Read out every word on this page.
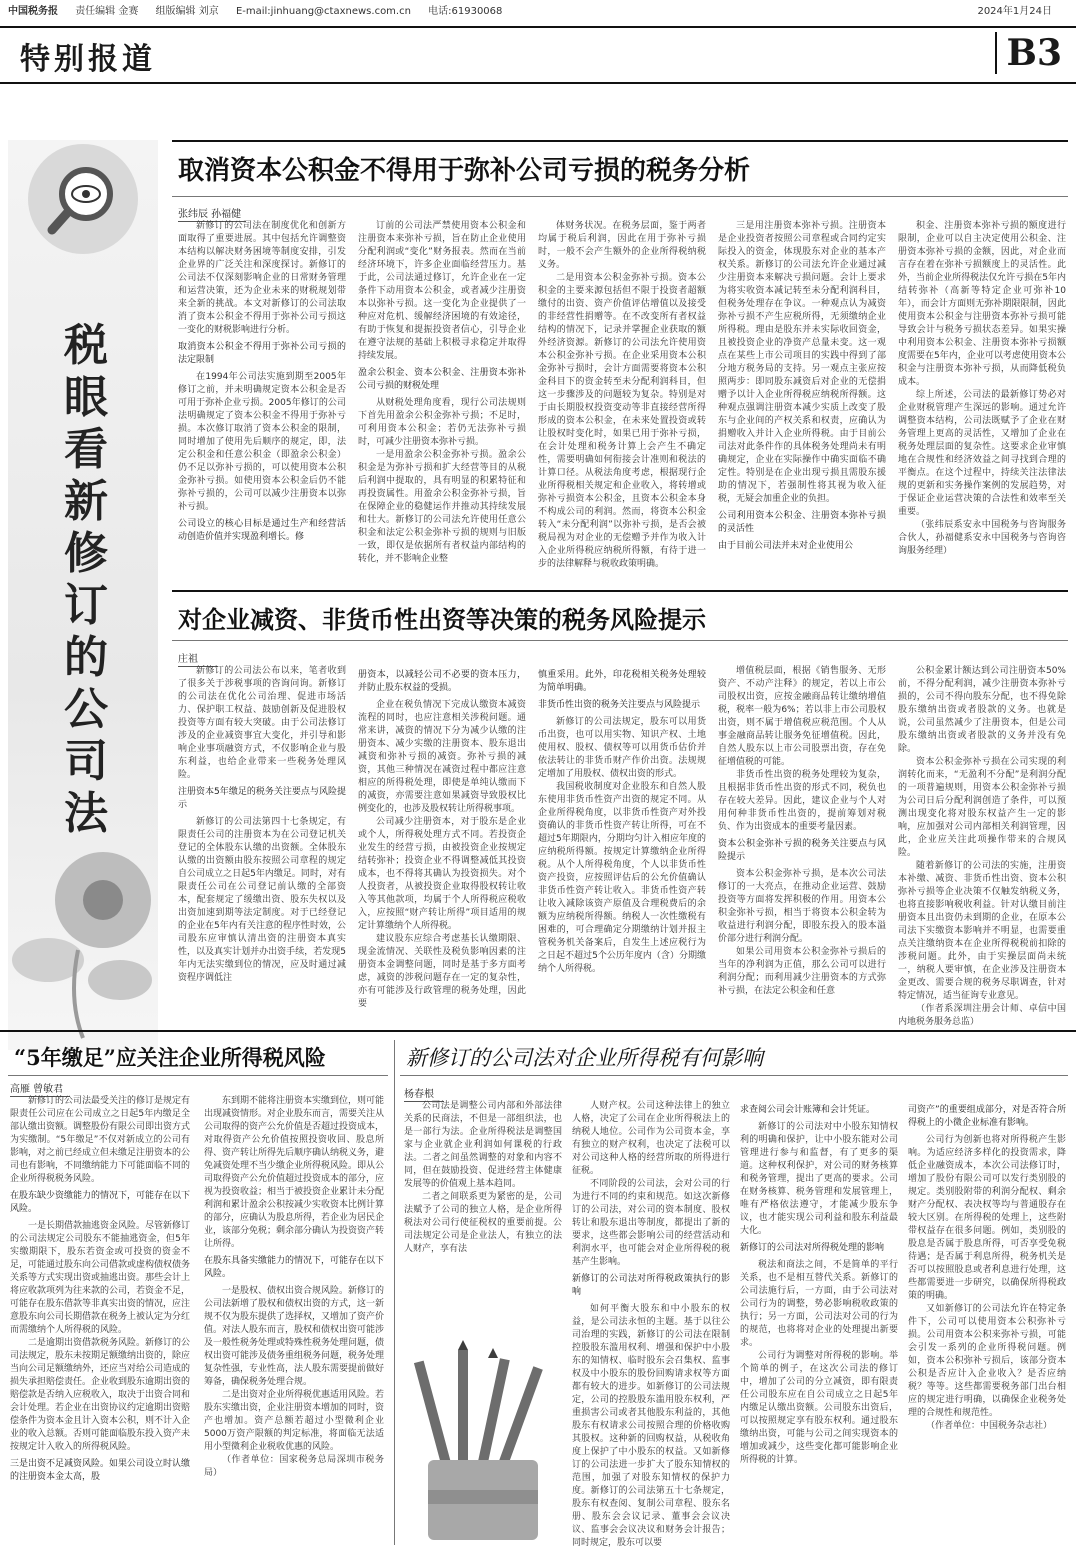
中国税务报 责任编辑 金赛 组版编辑 刘京 E-mail:jinhuang@ctaxnews.com.cn 电话:61930068	2024年1月24日
特别报道	B3
税
眼
看
新
修
订
的
公
司
法
取消资本公积金不得用于弥补公司亏损的税务分析
张纬辰 孙福健

新修订的公司法在制度优化和创新方面取得了重要进展。其中包括允许调整资本结构以解决财务困境等制度安排，引发企业界的广泛关注和深度探讨。新修订的公司法不仅深刻影响企业的日常财务管理和运营决策，还为企业未来的财税规划带来全新的挑战。本文对新修订的公司法取消了资本公积金不得用于弥补公司亏损这一变化的财税影响进行分析。

取消资本公积金不得用于弥补公司亏损的法定限制

在1994年公司法实施到期至2005年修订之前，并未明确规定资本公积金是否可用于弥补企业亏损。2005年修订的公司法明确规定了资本公积金不得用于弥补亏损。本次修订取消了资本公积金的限制，同时增加了使用先后顺序的规定，即，法定公积金和任意公积金（即盈余公积金）仍不足以弥补亏损的，可以使用资本公积金弥补亏损。如使用资本公积金后仍不能弥补亏损的，公司可以减少注册资本以弥补亏损。

公司设立的核心目标是通过生产和经营活动创造价值并实现盈利增长。修

订前的公司法严禁使用资本公积金和注册资本来弥补亏损，旨在防止企业使用分配利润或“变化”财务报表。然而在当前经济环境下，许多企业面临经营压力。基于此，公司法通过修订，允许企业在一定条件下动用资本公积金，或者减少注册资本以弥补亏损。这一变化为企业提供了一种应对危机、缓解经济困境的有效途径，有助于恢复和提振投资者信心，引导企业在遵守法规的基础上积极寻求稳定并取得持续发展。

盈余公积金、资本公积金、注册资本弥补公司亏损的财税处理

从财税处理角度看，现行公司法规则下首先用盈余公积金弥补亏损；不足时，可利用资本公积金；若仍无法弥补亏损时，可减少注册资本弥补亏损。

一是用盈余公积金弥补亏损。盈余公积金是为弥补亏损和扩大经营等目的从税后利润中提取的，具有明显的积累特征和再投资属性。用盈余公积金弥补亏损，旨在保障企业的稳健运作并推动其持续发展和壮大。新修订的公司法允许使用任意公积金和法定公积金弥补亏损的规则与旧版一致，即仅是依据所有者权益内部结构的转化，并不影响企业整

体财务状况。在税务层面，鉴于两者均属于税后利润，因此在用于弥补亏损时，一般不会产生额外的企业所得税纳税义务。

二是用资本公积金弥补亏损。资本公积金的主要来源包括但不限于投资者超额缴付的出资、资产价值评估增值以及接受的非经营性捐赠等。在不改变所有者权益结构的情况下，记录并掌握企业获取的额外经济资源。新修订的公司法允许使用资本公积金弥补亏损。在企业采用资本公积金弥补亏损时，会计方面需要将资本公积金科目下的资金转至未分配利润科目，但这一步骤涉及的问题较为复杂。特别是对于由长期股权投资变动等非直接经营所得形成的资本公积金，在未来处置投资或转让股权时变化时，如果已用于弥补亏损，在会计处理和税务计算上会产生不确定性，需要明确如何衔接会计准则和税法的计算口径。从税法角度考虑，根据现行企业所得税相关规定和企业收入，将转增或弥补亏损资本公积金，且资本公积金本身不构成公司的利润。然而，将资本公积金转入“未分配利润”以弥补亏损，是否会被税局视为对企业的无偿赠予并作为收入计入企业所得税应纳税所得额，有待于进一步的法律解释与税收政策明确。

三是用注册资本弥补亏损。注册资本是企业投资者按照公司章程或合同约定实际投入的资金，体现股东对企业的基本产权关系。新修订的公司法允许企业通过减少注册资本来解决亏损问题。会计上要求为将实收资本减记转至未分配利润科目，但税务处理存在争议。一种观点认为减资弥补亏损不产生应税所得，无须缴纳企业所得税。理由是股东并未实际收回资金，且被投资企业的净资产总量未变。这一观点在某些上市公司项目的实践中得到了部分地方税务局的支持。另一观点主张应按照两步：即同股东减资后对企业的无偿捐赠予以计入企业所得税应纳税所得额。这种观点强调注册资本减少实质上改变了股东与企业间的产权关系和权责，应确认为捐赠收入并计入企业所得税。由于目前公司法对此条件作的具体税务处理尚未有明确规定，企业在实际操作中确实面临不确定性。特别是在企业出现亏损且需股东援助的情况下，若强制性将其视为收入征税，无疑会加重企业的负担。

公司利用资本公积金、注册资本弥补亏损的灵活性

由于目前公司法并未对企业使用公

积金、注册资本弥补亏损的额度进行限制，企业可以自主决定使用公积金、注册资本弥补亏损的金额，因此，对企业而言存在着在弥补亏损额度上的灵活性。此外，当前企业所得税法仅允许亏损在5年内结转弥补（高新等特定企业可弥补10年），而会计方面则无弥补期限限制，因此使用资本公积金与注册资本弥补亏损可能导致会计与税务亏损状态差异。如果实操中利用资本公积金、注册资本弥补亏损额度需要在5年内，企业可以考虑使用资本公积金与注册资本弥补亏损，从而降低税负成本。

综上所述，公司法的最新修订势必对企业财税管理产生深远的影响。通过允许调整资本结构，公司法既赋予了企业在财务管理上更高的灵活性，又增加了企业在税务处理层面的复杂性。这要求企业审慎地在合规性和经济效益之间寻找到合理的平衡点。在这个过程中，持续关注法律法规的更新和实务操作案例的发展趋势，对于保证企业运营决策的合法性和效率至关重要。

（张纬辰系安永中国税务与咨询服务合伙人，孙福健系安永中国税务与咨询咨询服务经理）

对企业减资、非货币性出资等决策的税务风险提示
庄祖

新修订的公司法公布以来，笔者收到了很多关于涉税事项的咨询问询。新修订的公司法在优化公司治理、促进市场活力、保护职工权益、鼓励创新及促进股权投资等方面有较大突破。由于公司法修订涉及的企业减资事宜大变化，并引导和影响企业事项融资方式，不仅影响企业与股东利益，也给企业带来一些税务处理风险。

注册资本5年缴足的税务关注要点与风险提示

新修订的公司法第四十七条规定，有限责任公司的注册资本为在公司登记机关登记的全体股东认缴的出资额。全体股东认缴的出资额由股东按照公司章程的规定自公司成立之日起5年内缴足。同时，对有限责任公司在公司登记前认缴的全部资本，配套规定了缓缴出资、股东失权以及出资加速到期等法定制度。对于已经登记的企业在5年内有关注意的程序性时效，公司股东应审慎认清出资的注册资本真实性，以及真实计划并办出资手续，若发现5年内无法实缴到位的情况，应及时通过减资程序调低注

册资本，以减轻公司不必要的资本压力，并防止股东权益的受损。

企业在税负情况下完成认缴资本减资流程的同时，也应注意相关涉税问题。通常来讲，减资的情况下分为减少认缴的注册资本、减少实缴的注册资本、股东退出减资和弥补亏损的减资。弥补亏损的减资，其他三种情况在减资过程中都应注意相应的所得税处理，即使是单纯认缴而下的减资，亦需要注意如果减资导致股权比例变化的，也涉及股权转让所得税事项。

公司减少注册资本，对于股东是企业或个人，所得税处理方式不同。若投资企业发生的经营亏损，由被投资企业按规定结转弥补；投资企业不得调整减低其投资成本，也不得将其确认为投资损失。对个人投资者，从被投资企业取得股权转让收入等其他款项，均属于个人所得税应税收入，应按照“财产转让所得”项目适用的规定计算缴纳个人所得税。

建议股东应综合考虑基长认缴期限、现金流情况、关联性及税负影响因素的注册资本金调整问题，同时是基于多方面考虑，减资的涉税问题存在一定的复杂性，亦有可能涉及行政管理的税务处理，因此要

慎重采用。此外，印花税相关税务处理较为简单明确。

非货币性出资的税务关注要点与风险提示

新修订的公司法规定，股东可以用货币出资，也可以用实物、知识产权、土地使用权、股权、债权等可以用货币估价并依法转让的非货币财产作价出资。法规规定增加了用股权、债权出资的形式。

我国税收制度对企业股东和自然人股东使用非货币性资产出资的规定不同。从企业所得税角度，以非货币性资产对外投资确认的非货币性资产转让所得，可在不超过5年期限内，分期均匀计入相应年度的应纳税所得额。按规定计算缴纳企业所得税。从个人所得税角度，个人以非货币性资产投资，应按照评估后的公允价值确认非货币性资产转让收入。非货币性资产转让收入减除该资产原值及合理税费后的余额为应纳税所得额。纳税人一次性缴税有困难的，可合理确定分期缴纳计划并报主管税务机关备案后，自发生上述应税行为之日起不超过5个公历年度内（含）分期缴纳个人所得税。

增值税层面，根据《销售服务、无形资产、不动产注释》的规定，若以上市公司股权出资，应按金融商品转让缴纳增值税，税率一般为6%；若以非上市公司股权出资，则不属于增值税应税范围。个人从事金融商品转让服务免征增值税。因此，自然人股东以上市公司股票出资，存在免征增值税的可能。

非货币性出资的税务处理较为复杂，且根据非货币性出资的形式不同，税负也存在较大差异。因此，建议企业与个人对用何种非货币性出资的，提前筹划对税负、作为出资成本的重要考量因素。

资本公积金弥补亏损的税务关注要点与风险提示

资本公积金弥补亏损，是本次公司法修订的一大亮点，在推动企业运营、鼓励投资等方面将发挥积极的作用。用资本公积金弥补亏损，相当于将资本公积金转为收益进行利润分配，即股东投入的股本溢价部分进行利润分配。

如果公司用资本公积金弥补亏损后的当年的净利润为正值，那么公司可以进行利润分配；而利用减少注册资本的方式弥补亏损，在法定公积金和任意

公积金累计额达到公司注册资本50%前，不得分配利润，减少注册资本弥补亏损的，公司不得向股东分配，也不得免除股东缴纳出资或者股款的义务。也就是说，公司虽然减少了注册资本，但是公司股东缴纳出资或者股款的义务并没有免除。

资本公积金弥补亏损在公司实现的利润转化而来，“无盈利不分配”是利润分配的一项普遍规则，用资本公积金弥补亏损为公司日后分配利润创造了条件，可以预测出现变化将对股东权益产生一定的影响，应加强对公司内部相关利润管理，因此，企业应关注此项操作带来的合规风险。

随着新修订的公司法的实施，注册资本补缴、减资、非货币性出资、资本公积弥补亏损等企业决策不仅触发纳税义务，也将直接影响税收利益。针对认缴目前注册资本且出资仍未到期的企业，在原本公司法下实缴资本影响并不明显，也需要重点关注缴纳资本在企业所得税税前扣除的涉税问题。此外，由于实操层面尚未统一，纳税人要审慎，在企业涉及注册资本金更改、需要合规的税务尽职调查，针对特定情况，适当征询专业意见。

（作者系深圳注册会计师、卓信中国内地税务服务总监）

“5年缴足”应关注企业所得税风险
高雁 曾敏君

新修订的公司法最受关注的修订是规定有限责任公司应在公司成立之日起5年内缴足全部认缴出资额。调整股份有限公司即出资方式为实缴制。“5年缴足”不仅对新成立的公司有影响，对之前已经成立但未缴足注册资本的公司也有影响，不同缴纳能力下可能面临不同的企业所得税税务风险。

在股东缺少资缴能力的情况下，可能存在以下风险。

一是长期借款抽逃资金风险。尽管新修订的公司法规定公司股东不能抽逃资金，但5年实缴期限下，股东若资金或可投资的资金不足，可能通过股东向公司借款或虚构债权债务关系等方式实现出资或抽逃出资。那些会计上将应收款项列为往来款的公司，若资金不足，可能存在股东借款等非真实出资的情况，应注意股东向公司长期借款在税务上被认定为分红而需缴纳个人所得税的风险。

二是逾期出资借款税务风险。新修订的公司法规定，股东未按期足额缴纳出资的，除应当向公司足额缴纳外，还应当对给公司造成的损失承担赔偿责任。企业收到股东逾期出资的赔偿款是否纳入应税收入，取决于出资合同和会计处理。若企业在出资协议约定逾期出资赔偿条件为资本金且计入资本公积，则不计入企业的收入总额。否则可能面临股东投入资产未按规定计入收入的所得税风险。

三是出资不足减资风险。如果公司设立时认缴的注册资本金太高，股

东到期不能将注册资本实缴到位，则可能出现减资情形。对企业股东而言，需要关注从公司取得的资产公允价值是否超过投资成本，对取得资产公允价值按照投资收回、股息所得、资产转让所得先后顺序确认纳税义务，避免减资处理不当少缴企业所得税风险。即从公司取得资产公允价值超过投资成本的部分，应视为投资收益；相当于被投资企业累计未分配利润和累计盈余公积按减少实收资本比例计算的部分，应确认为股息所得，若企业为居民企业，该部分免税；剩余部分确认为投资资产转让所得。

在股东具备实缴能力的情况下，可能存在以下风险。

一是股权、债权出资合规风险。新修订的公司法新增了股权和债权出资的方式，这一新规不仅为股东提供了选择权，又增加了资产价值。对法人股东而言，股权和债权出资可能涉及一般性税务处理或特殊性税务处理问题，债权出资可能涉及债务重组税务问题，税务处理复杂性强，专业性高，法人股东需要提前做好筹备，确保税务处理合规。

二是出资对企业所得税优惠适用风险。若股东实缴出资，企业注册资本增加的同时，资产也增加。资产总额若超过小型微利企业5000万资产限额的判定标准，将面临无法适用小型微利企业税收优惠的风险。

（作者单位：国家税务总局深圳市税务局）

新修订的公司法对企业所得税有何影响
杨春根

公司法是调整公司内部和外部法律关系的民商法，不但是一部组织法，也是一部行为法。企业所得税法是调整国家与企业就企业利润如何课税的行政法。二者之间虽然调整的对象和内容不同，但在鼓励投资、促进经营主体健康发展等的价值观上基本趋同。

二者之间联系更为紧密的是，公司法赋予了公司的独立人格，是企业所得税法对公司行使征税权的重要前提。公司法规定公司是企业法人，有独立的法人财产，享有法

人财产权。公司这种法律上的独立人格，决定了公司在企业所得税法上的纳税人地位。公司作为公司资本金，享有独立的财产权利，也决定了法税可以对公司这种人格的经营所取的所得进行征税。

不同阶段的公司法，会对公司的行为进行不同的约束和规范。如这次新修订的公司法，对公司的资本制度、股权转让和股东退出等制度，都提出了新的要求，这些都会影响公司的经营活动和利润水平，也可能会对企业所得税的税基产生影响。

新修订的公司法对所得税政策执行的影响

如何平衡大股东和中小股东的权益，是公司法永恒的主题。基于以往公司治理的实践，新修订的公司法在限制控股股东滥用权利、增强和保护中小股东的知情权、临时股东会召集权、监事权及中小股东的股份回购请求权等方面都有较大的进步。如新修订的公司法规定，公司的控股股东滥用股东权利，严重损害公司或者其他股东利益的，其他股东有权请求公司按照合理的价格收购其股权。这种新的回购权益，从税收角度上保护了中小股东的权益。又如新修订的公司法进一步扩大了股东知情权的范围，加强了对股东知情权的保护力度。新修订的公司法第五十七条规定，股东有权查阅、复制公司章程、股东名册、股东会会议记录、董事会会议决议、监事会会议决议和财务会计报告；同时规定，股东可以要

求查阅公司会计账簿和会计凭证。

新修订的公司法对中小股东知情权利的明确和保护，让中小股东能对公司管理进行参与和监督，有了更多的渠道。这种权利保护，对公司的财务核算和税务管理，提出了更高的要求。公司在财务核算、税务管理和发展管理上，唯有严格依法遵守，才能减少股东争议，也才能实现公司利益和股东利益最大化。

新修订的公司法对所得税处理的影响

税法和商法之间，不是简单的平行关系，也不是相互替代关系。新修订的公司法施行后，一方面，由于公司法对公司行为的调整，势必影响税收政策的执行；另一方面，公司法对公司的行为的规范，也将将对企业的处理提出新要求。

公司行为调整对所得税的影响。举个简单的例子，在这次公司法的修订中，增加了公司的分立减资，即有限责任公司股东应在自公司成立之日起5年内缴足认缴出资额。公司股东出资后，可以按照规定享有股东权利。通过股东缴纳出资，可能与公司之间实现资本的增加或减少，这些变化都可能影响企业所得税的计算。

司资产”的重要组成部分，对是否符合所得税上的小微企业标准有影响。

公司行为创新也将对所得税产生影响。为适应经济多样化的投资需求，降低企业融资成本，本次公司法修订时，增加了股份有限公司可以发行类别股的规定。类别股附带的利润分配权、剩余财产分配权、表决权等均与普通股存在较大区别。在所得税的处理上，这些附带权益存在很多问题。例如，类别股的股息是否属于股息所得，可否享受免税待遇；是否属于利息所得，税务机关是否可以按照股息或者利息进行处理，这些都需要进一步研究，以确保所得税政策的明确。

又如新修订的公司法允许在特定条件下，公司可以使用资本公积弥补亏损。公司用资本公积来弥补亏损，可能会引发一系列的企业所得税问题。例如，资本公积弥补亏损后，该部分资本公积是否应计入企业收入？是否应纳税？等等。这些都需要税务部门出台相应的规定进行明确，以确保企业税务处理的合规性和规范性。

（作者单位：中国税务杂志社）
